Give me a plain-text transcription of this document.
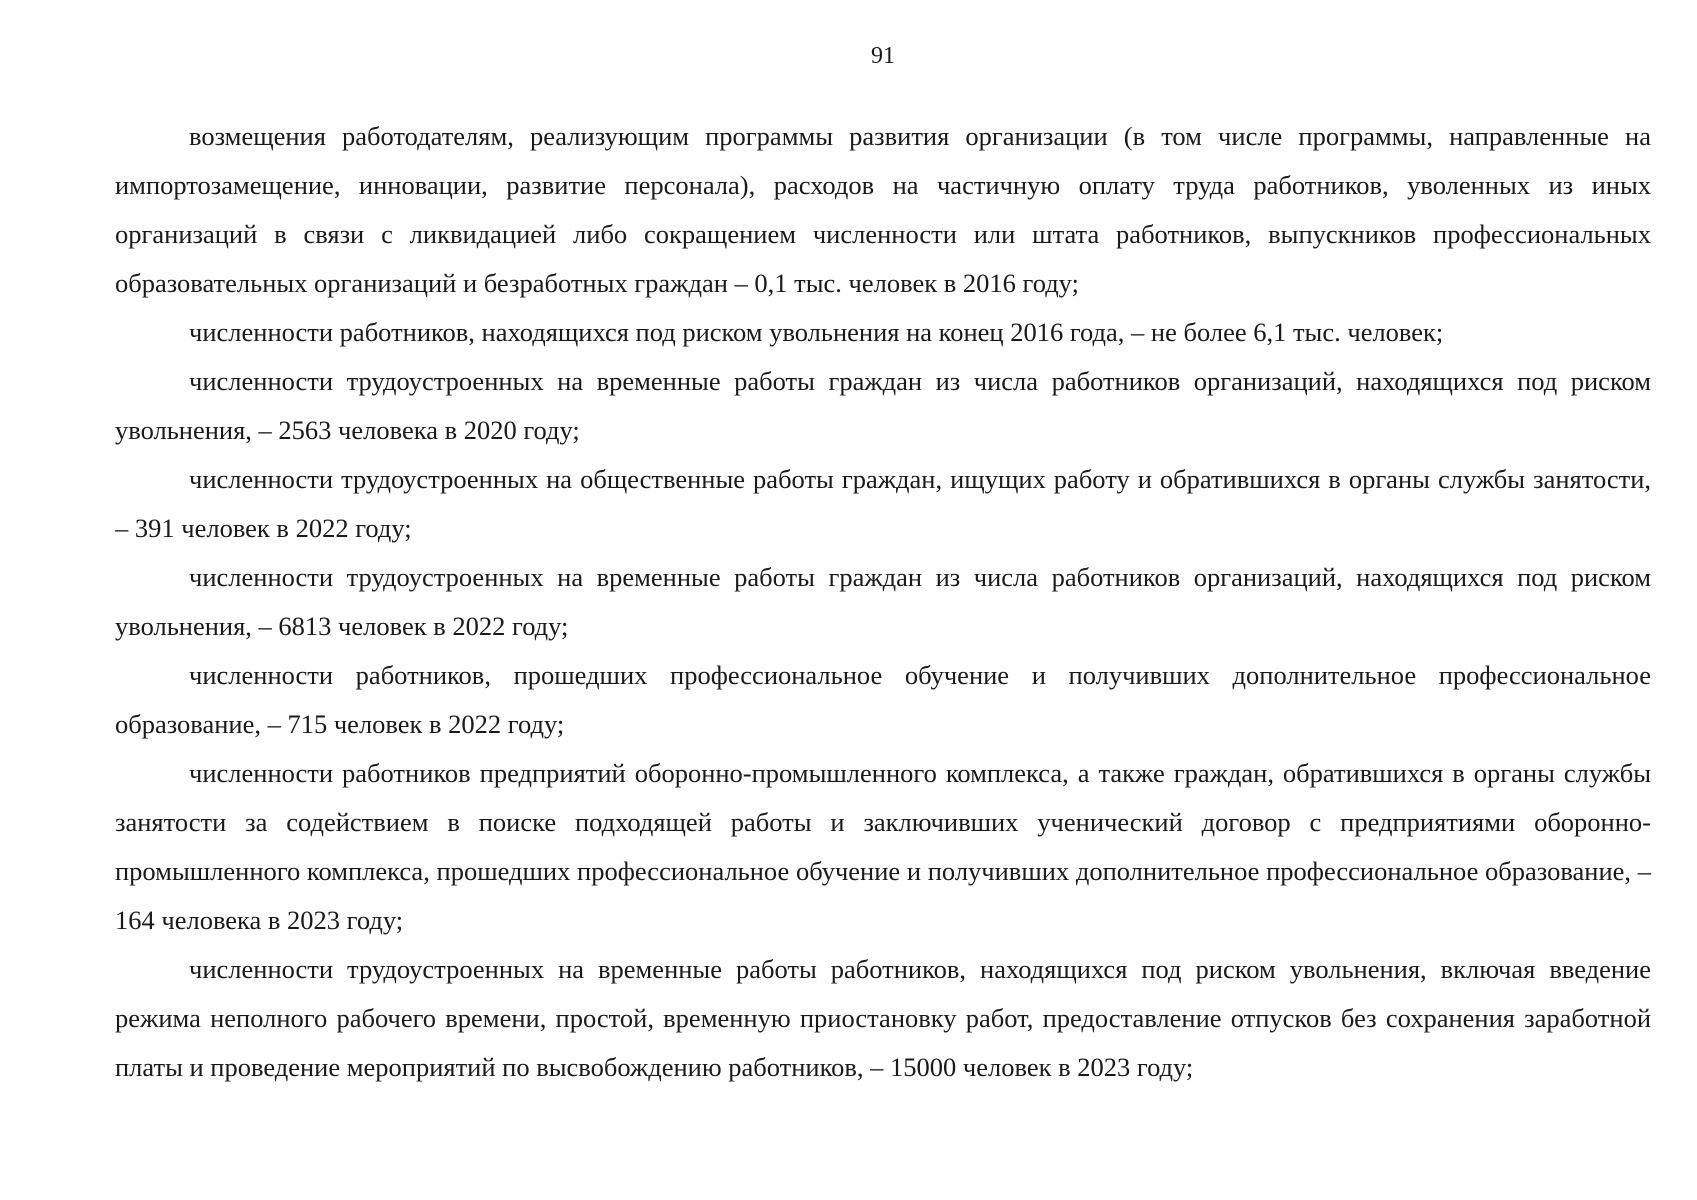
91

возмещения работодателям, реализующим программы развития организации (в том числе программы, направленные на импортозамещение, инновации, развитие персонала), расходов на частичную оплату труда работников, уволенных из иных организаций в связи с ликвидацией либо сокращением численности или штата работников, выпускников профессиональных образовательных организаций и безработных граждан – 0,1 тыс. человек в 2016 году;

численности работников, находящихся под риском увольнения на конец 2016 года, – не более 6,1 тыс. человек;

численности трудоустроенных на временные работы граждан из числа работников организаций, находящихся под риском увольнения, – 2563 человека в 2020 году;

численности трудоустроенных на общественные работы граждан, ищущих работу и обратившихся в органы службы занятости, – 391 человек в 2022 году;

численности трудоустроенных на временные работы граждан из числа работников организаций, находящихся под риском увольнения, – 6813 человек в 2022 году;

численности работников, прошедших профессиональное обучение и получивших дополнительное профессиональное образование, – 715 человек в 2022 году;

численности работников предприятий оборонно-промышленного комплекса, а также граждан, обратившихся в органы службы занятости за содействием в поиске подходящей работы и заключивших ученический договор с предприятиями оборонно-промышленного комплекса, прошедших профессиональное обучение и получивших дополнительное профессиональное образование, – 164 человека в 2023 году;

численности трудоустроенных на временные работы работников, находящихся под риском увольнения, включая введение режима неполного рабочего времени, простой, временную приостановку работ, предоставление отпусков без сохранения заработной платы и проведение мероприятий по высвобождению работников, – 15000 человек в 2023 году;
